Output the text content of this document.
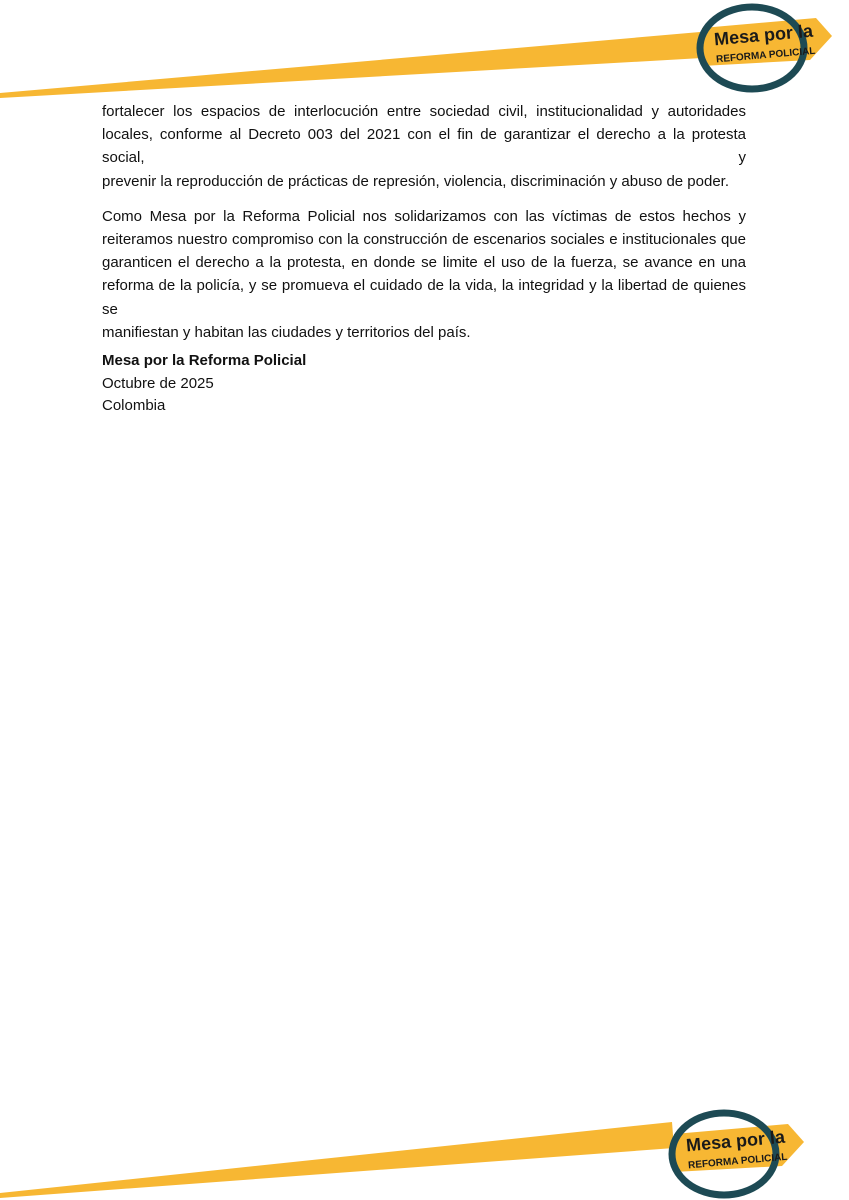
Mesa por la
REFORMA POLICIAL

fortalecer los espacios de interlocución entre sociedad civil, institucionalidad y autoridades
locales, conforme al Decreto 003 del 2021 con el fin de garantizar el derecho a la protesta social, y
prevenir la reproducción de prácticas de represión, violencia, discriminación y abuso de poder.

Como Mesa por la Reforma Policial nos solidarizamos con las víctimas de estos hechos y
reiteramos nuestro compromiso con la construcción de escenarios sociales e institucionales que
garanticen el derecho a la protesta, en donde se limite el uso de la fuerza, se avance en una
reforma de la policía, y se promueva el cuidado de la vida, la integridad y la libertad de quienes se
manifiestan y habitan las ciudades y territorios del país.

Mesa por la Reforma Policial
Octubre de 2025
Colombia
Mesa por la
REFORMA POLICIAL
